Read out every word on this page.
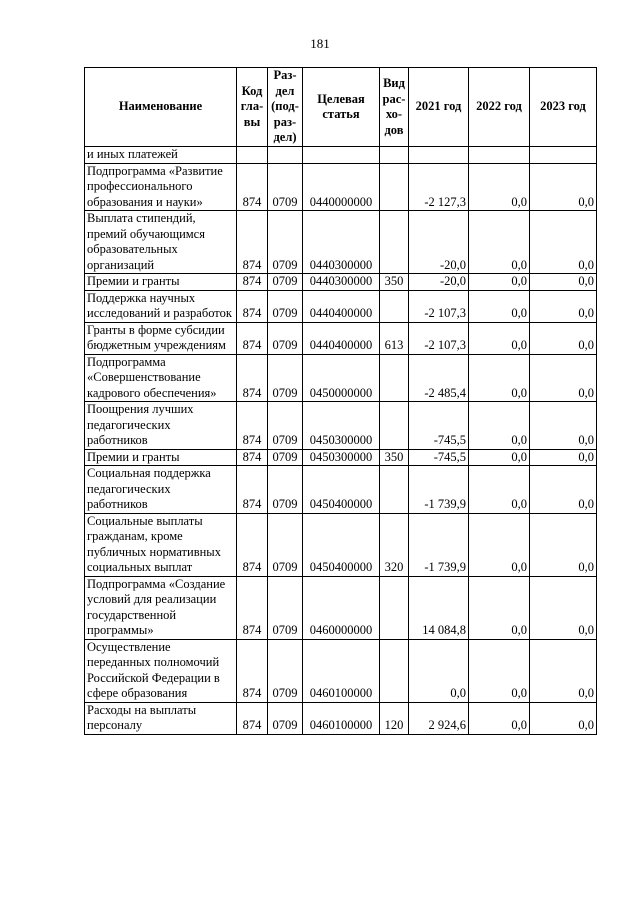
181
Наименование	Код гла- вы	Раз- дел (под- раз- дел)	Целевая статья	Вид рас- хо- дов	2021 год	2022 год	2023 год
и иных платежей							
Подпрограмма «Развитие профессионального образования и науки»	874	0709	0440000000		-2 127,3	0,0	0,0
Выплата стипендий, премий обучающимся образовательных организаций	874	0709	0440300000		-20,0	0,0	0,0
Премии и гранты	874	0709	0440300000	350	-20,0	0,0	0,0
Поддержка научных исследований и разработок	874	0709	0440400000		-2 107,3	0,0	0,0
Гранты в форме субсидии бюджетным учреждениям	874	0709	0440400000	613	-2 107,3	0,0	0,0
Подпрограмма «Совершенствование кадрового обеспечения»	874	0709	0450000000		-2 485,4	0,0	0,0
Поощрения лучших педагогических работников	874	0709	0450300000		-745,5	0,0	0,0
Премии и гранты	874	0709	0450300000	350	-745,5	0,0	0,0
Социальная поддержка педагогических работников	874	0709	0450400000		-1 739,9	0,0	0,0
Социальные выплаты гражданам, кроме публичных нормативных социальных выплат	874	0709	0450400000	320	-1 739,9	0,0	0,0
Подпрограмма «Создание условий для реализации государственной программы»	874	0709	0460000000		14 084,8	0,0	0,0
Осуществление переданных полномочий Российской Федерации в сфере образования	874	0709	0460100000		0,0	0,0	0,0
Расходы на выплаты персоналу	874	0709	0460100000	120	2 924,6	0,0	0,0
